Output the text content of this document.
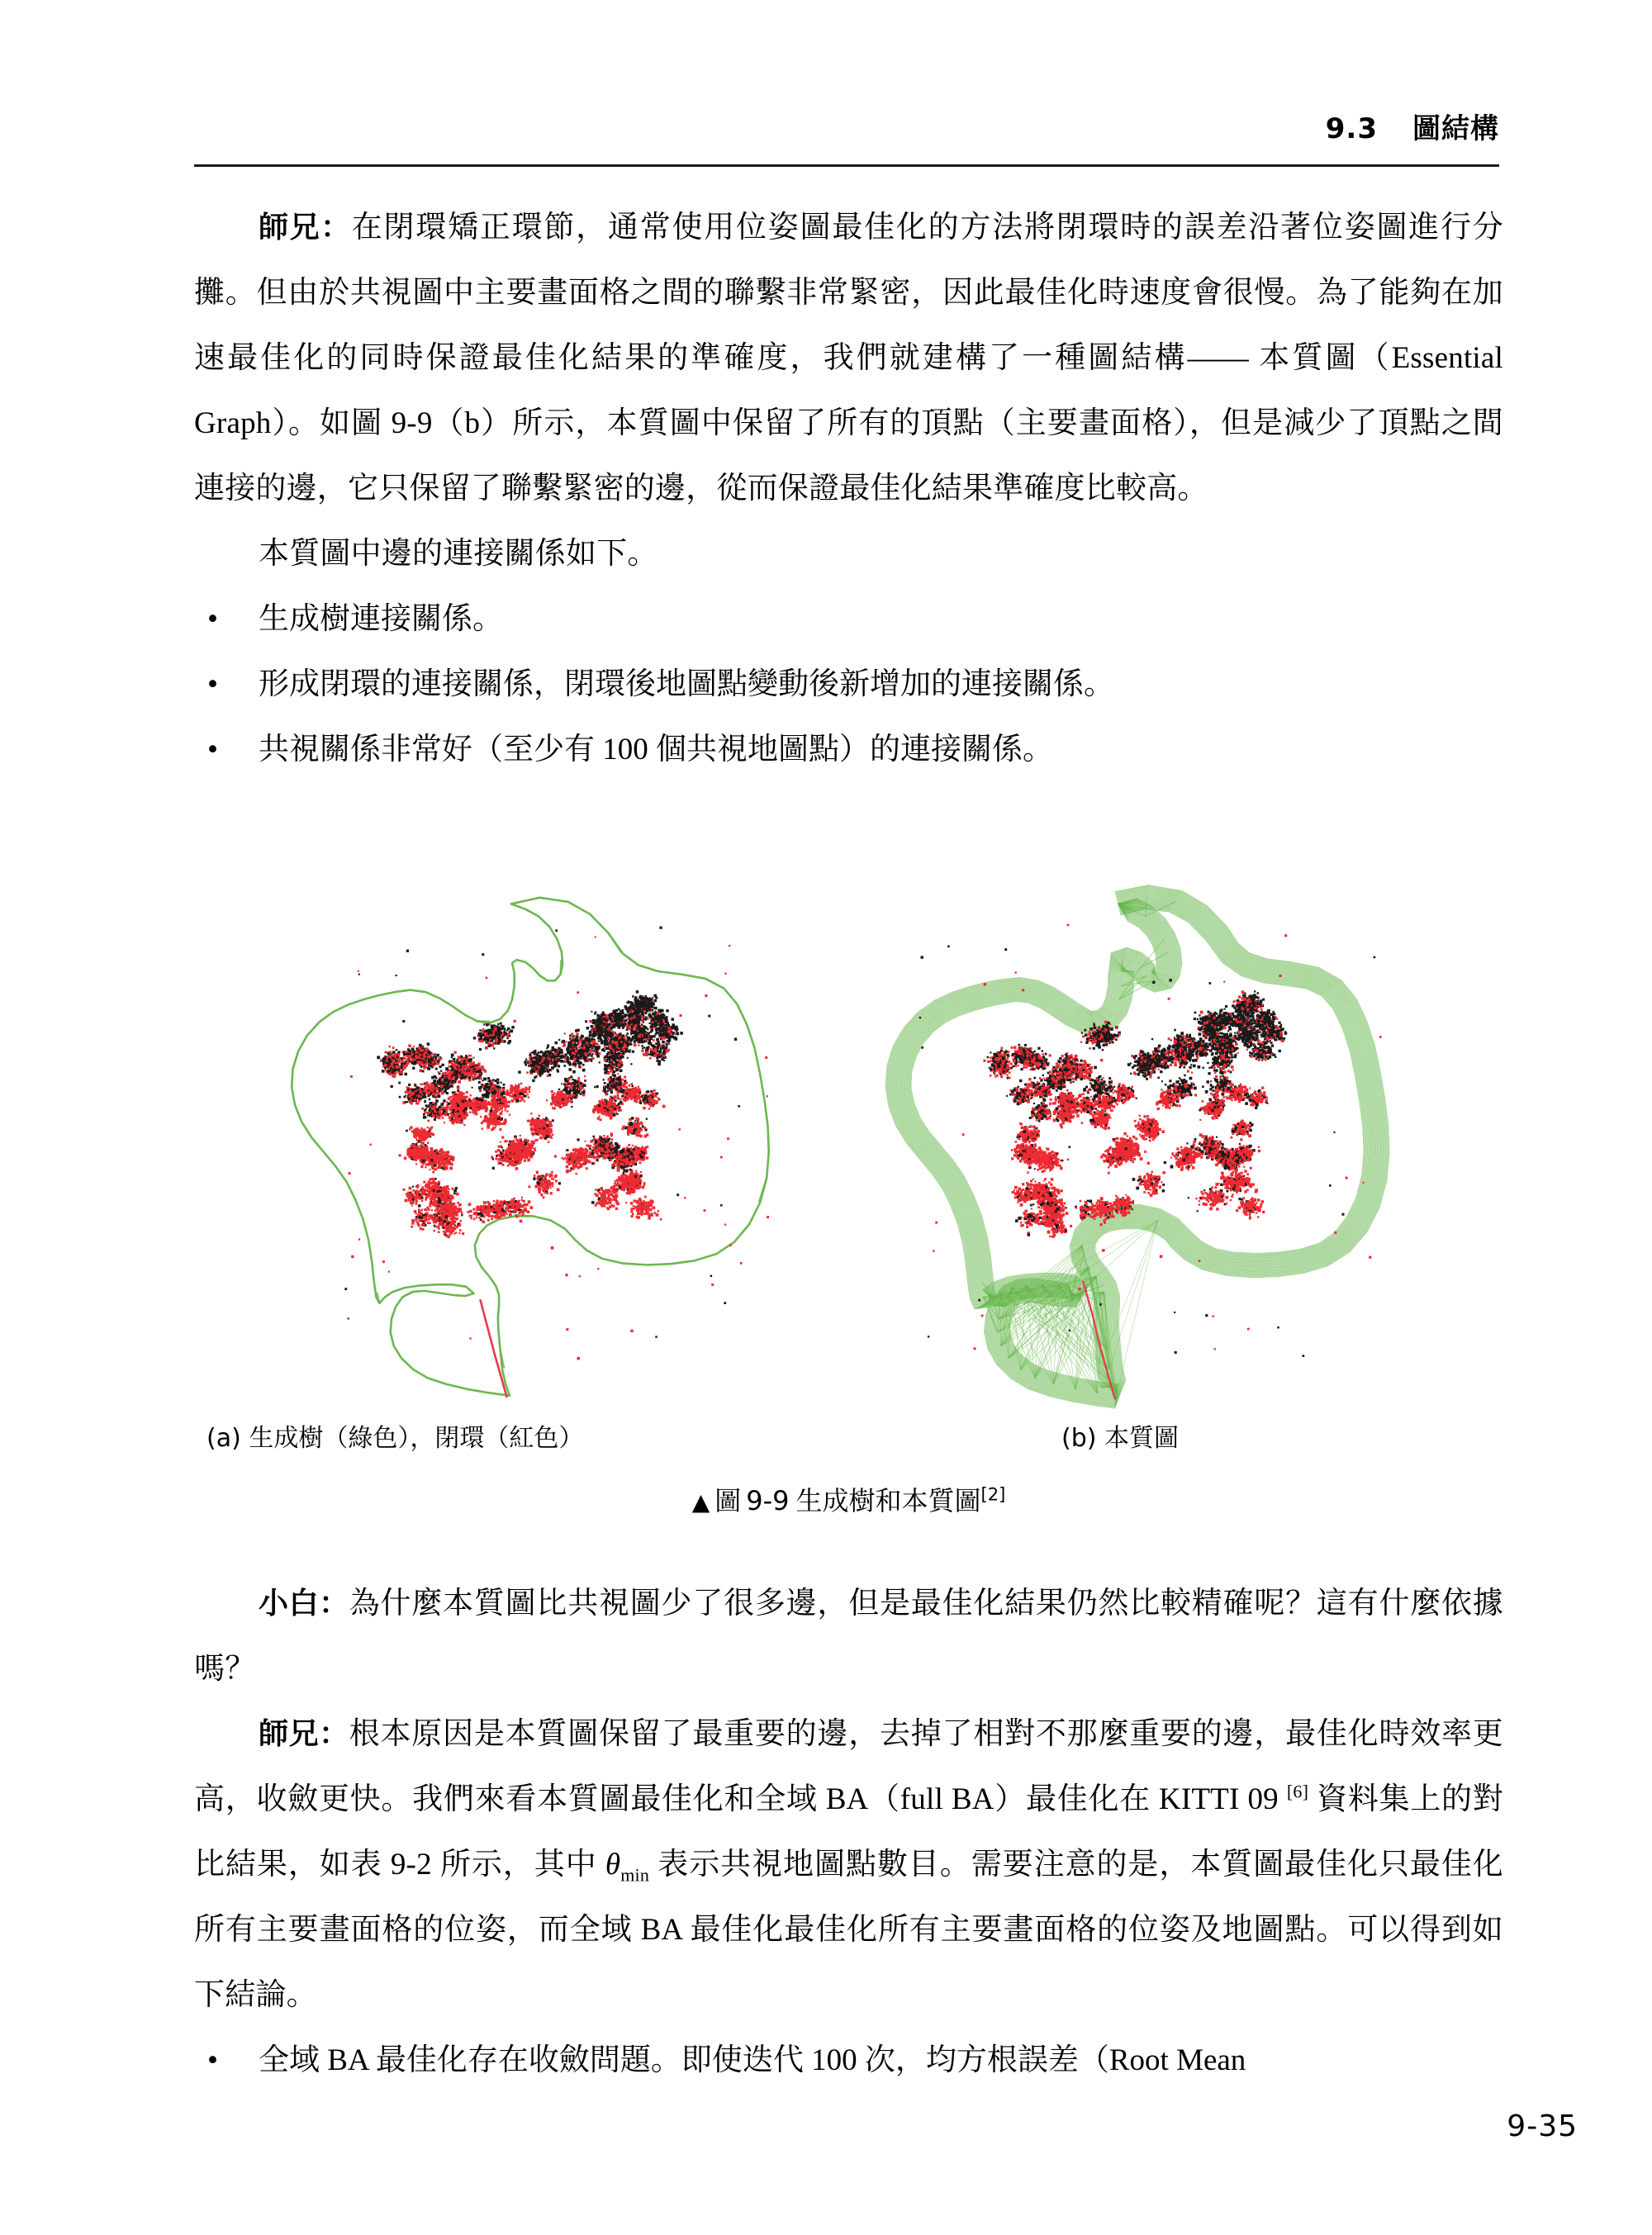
9.3 圖結構

師兄：在閉環矯正環節，通常使用位姿圖最佳化的方法將閉環時的誤差沿著位姿圖進行分攤。但由於共視圖中主要畫面格之間的聯繫非常緊密，因此最佳化時速度會很慢。為了能夠在加速最佳化的同時保證最佳化結果的準確度，我們就建構了一種圖結構—— 本質圖（Essential Graph）。如圖 9-9（b）所示，本質圖中保留了所有的頂點（主要畫面格），但是減少了頂點之間連接的邊，它只保留了聯繫緊密的邊，從而保證最佳化結果準確度比較高。

本質圖中邊的連接關係如下。

• 生成樹連接關係。
• 形成閉環的連接關係，閉環後地圖點變動後新增加的連接關係。
• 共視關係非常好（至少有 100 個共視地圖點）的連接關係。
(a) 生成樹（綠色），閉環（紅色）	(b) 本質圖
▲ 圖 9-9 生成樹和本質圖[2]

小白：為什麼本質圖比共視圖少了很多邊，但是最佳化結果仍然比較精確呢？這有什麼依據嗎？

師兄：根本原因是本質圖保留了最重要的邊，去掉了相對不那麼重要的邊，最佳化時效率更高，收斂更快。我們來看本質圖最佳化和全域 BA（full BA）最佳化在 KITTI 09 [6] 資料集上的對比結果，如表 9-2 所示，其中 $\theta_{min}$ 表示共視地圖點數目。需要注意的是，本質圖最佳化只最佳化所有主要畫面格的位姿，而全域 BA 最佳化最佳化所有主要畫面格的位姿及地圖點。可以得到如下結論。

• 全域 BA 最佳化存在收斂問題。即使迭代 100 次，均方根誤差（Root Mean
9-35
